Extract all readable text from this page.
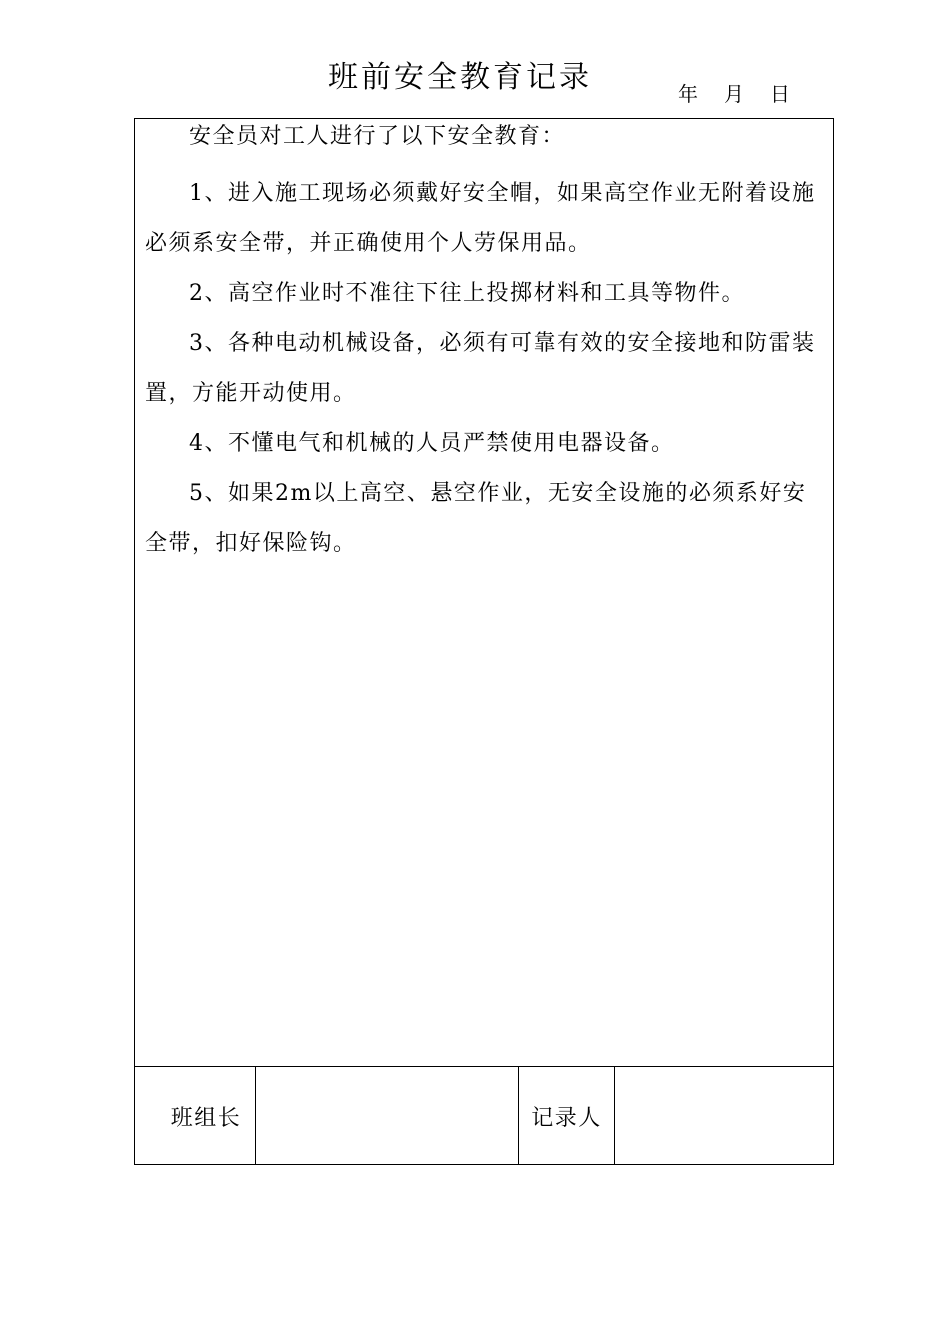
班前安全教育记录	年 月 日

安全员对工人进行了以下安全教育：

1、进入施工现场必须戴好安全帽，如果高空作业无附着设施必须系安全带，并正确使用个人劳保用品。

2、高空作业时不准往下往上投掷材料和工具等物件。

3、各种电动机械设备，必须有可靠有效的安全接地和防雷装置，方能开动使用。

4、不懂电气和机械的人员严禁使用电器设备。

5、如果2m以上高空、悬空作业，无安全设施的必须系好安全带，扣好保险钩。

班组长	记录人
